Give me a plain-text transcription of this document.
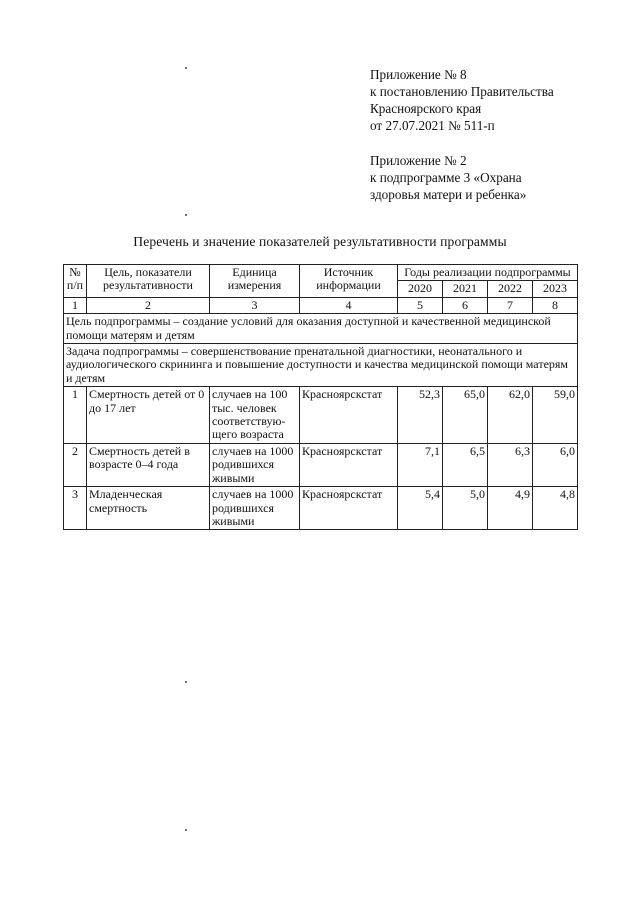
Приложение № 8
к постановлению Правительства
Красноярского края
от 27.07.2021 № 511-п
Приложение № 2
к подпрограмме 3 «Охрана
здоровья матери и ребенка»
Перечень и значение показателей результативности программы
№ п/п	Цель, показатели результативности	Единица измерения	Источник информации	Годы реализации подпрограммы			
				2020	2021	2022	2023
1	2	3	4	5	6	7	8
Цель подпрограммы – создание условий для оказания доступной и качественной медицинской помощи матерям и детям							
Задача подпрограммы – совершенствование пренатальной диагностики, неонатального и аудиологического скрининга и повышение доступности и качества медицинской помощи матерям и детям							
1	Смертность детей от 0 до 17 лет	случаев на 100 тыс. человек соответствую-щего возраста	Красноярскстат	52,3	65,0	62,0	59,0
2	Смертность детей в возрасте 0–4 года	случаев на 1000 родившихся живыми	Красноярскстат	7,1	6,5	6,3	6,0
3	Младенческая смертность	случаев на 1000 родившихся живыми	Красноярскстат	5,4	5,0	4,9	4,8
